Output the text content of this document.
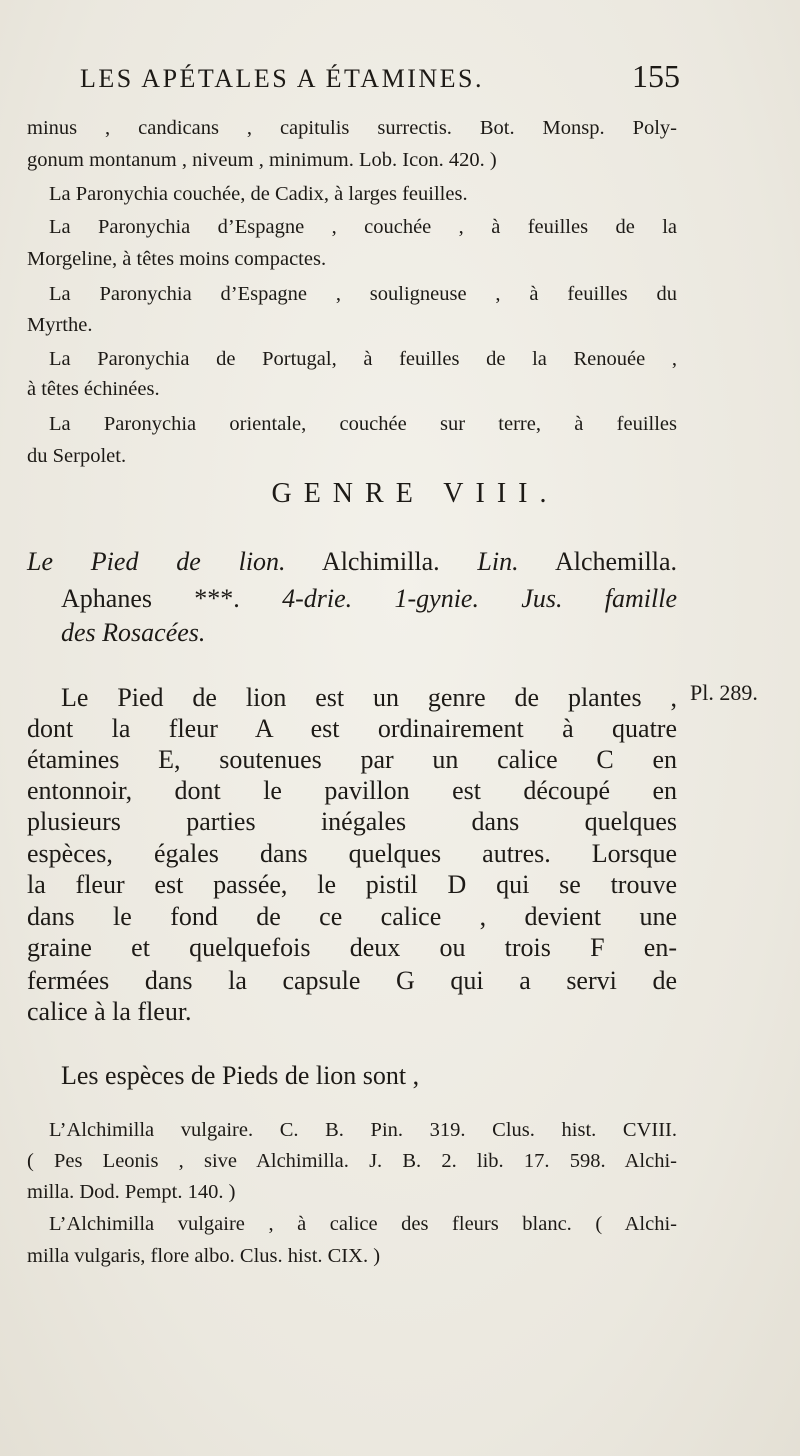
LES APÉTALES A ÉTAMINES.	155
minus , candicans , capitulis surrectis. Bot. Monsp. Poly-
gonum montanum , niveum , minimum. Lob. Icon. 420. )
La Paronychia couchée, de Cadix, à larges feuilles.
La Paronychia d’Espagne , couchée , à feuilles de la
Morgeline, à têtes moins compactes.
La Paronychia d’Espagne , souligneuse , à feuilles du
Myrthe.
La Paronychia de Portugal, à feuilles de la Renouée ,
à têtes échinées.
La Paronychia orientale, couchée sur terre, à feuilles
du Serpolet.
GENRE VIII.
Le Pied de lion. Alchimilla. Lin. Alchemilla.
Aphanes ***. 4-drie. 1-gynie. Jus. famille
des Rosacées.
Pl. 289.
Le Pied de lion est un genre de plantes ,
dont la fleur A est ordinairement à quatre
étamines E, soutenues par un calice C en
entonnoir, dont le pavillon est découpé en
plusieurs parties inégales dans quelques
espèces, égales dans quelques autres. Lorsque
la fleur est passée, le pistil D qui se trouve
dans le fond de ce calice , devient une
graine et quelquefois deux ou trois F en-
fermées dans la capsule G qui a servi de
calice à la fleur.
Les espèces de Pieds de lion sont ,
L’Alchimilla vulgaire. C. B. Pin. 319. Clus. hist. CVIII.
( Pes Leonis , sive Alchimilla. J. B. 2. lib. 17. 598. Alchi-
milla. Dod. Pempt. 140. )
L’Alchimilla vulgaire , à calice des fleurs blanc. ( Alchi-
milla vulgaris, flore albo. Clus. hist. CIX. )
